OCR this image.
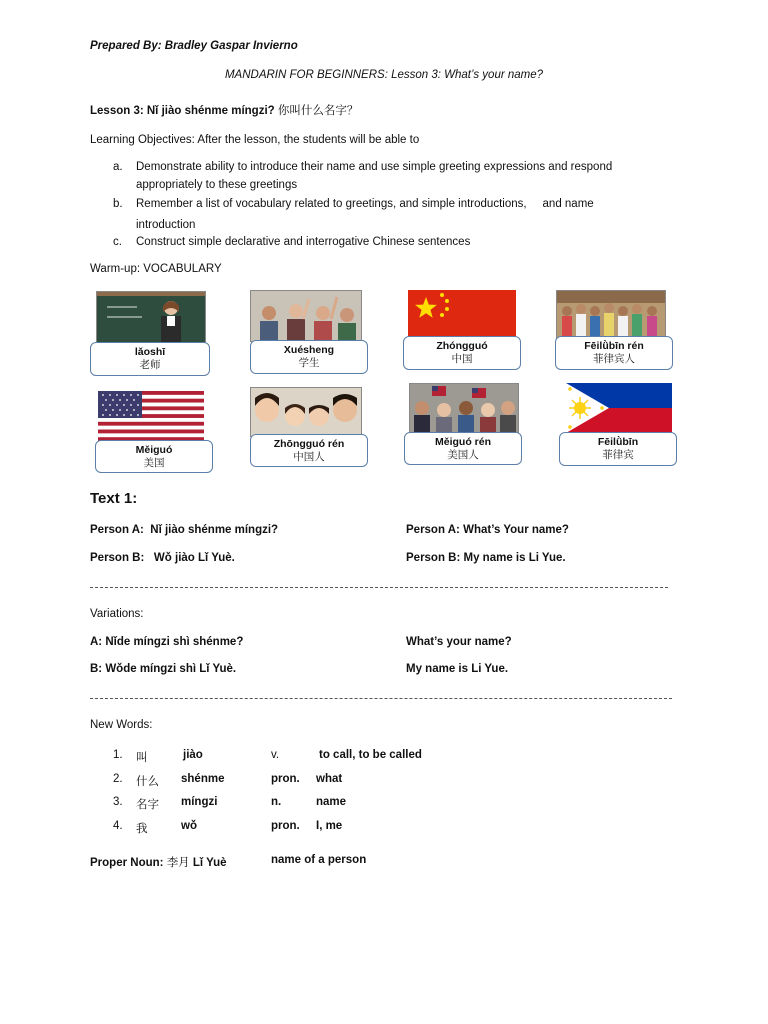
Prepared By: Bradley Gaspar Invierno
MANDARIN FOR BEGINNERS: Lesson 3: What’s your name?
Lesson 3: Nǐ jiào shénme míngzi? 你叫什么名字？
Learning Objectives: After the lesson, the students will be able to
a. Demonstrate ability to introduce their name and use simple greeting expressions and respond
appropriately to these greetings
b. Remember a list of vocabulary related to greetings, and simple introductions,     and name
introduction
c. Construct simple declarative and interrogative Chinese sentences
Warm-up: VOCABULARY
lǎoshī
老师
Xuésheng
学生
Zhóngguó
中国
Fēilǜbīn rén
菲律宾人
Měiguó
美国
Zhōngguó rén
中国人
Měiguó rén
美国人
Fēilǜbīn
菲律宾
Text 1:
Person A: Nǐ jiào shénme míngzi?	Person A: What’s Your name?
Person B: Wǒ jiào Lǐ Yuè.	Person B: My name is Li Yue.
Variations:
A: Nǐde míngzi shì shénme?	What’s your name?
B: Wǒde míngzi shì Lǐ Yuè.	My name is Li Yue.
New Words:
1. 叫	jiào	v.	to call, to be called
2. 什么 shénme	pron. what
3. 名字 míngzi	n.	name
4. 我	wǒ	pron. I, me
Proper Noun: 李月 Lǐ Yuè	name of a person
